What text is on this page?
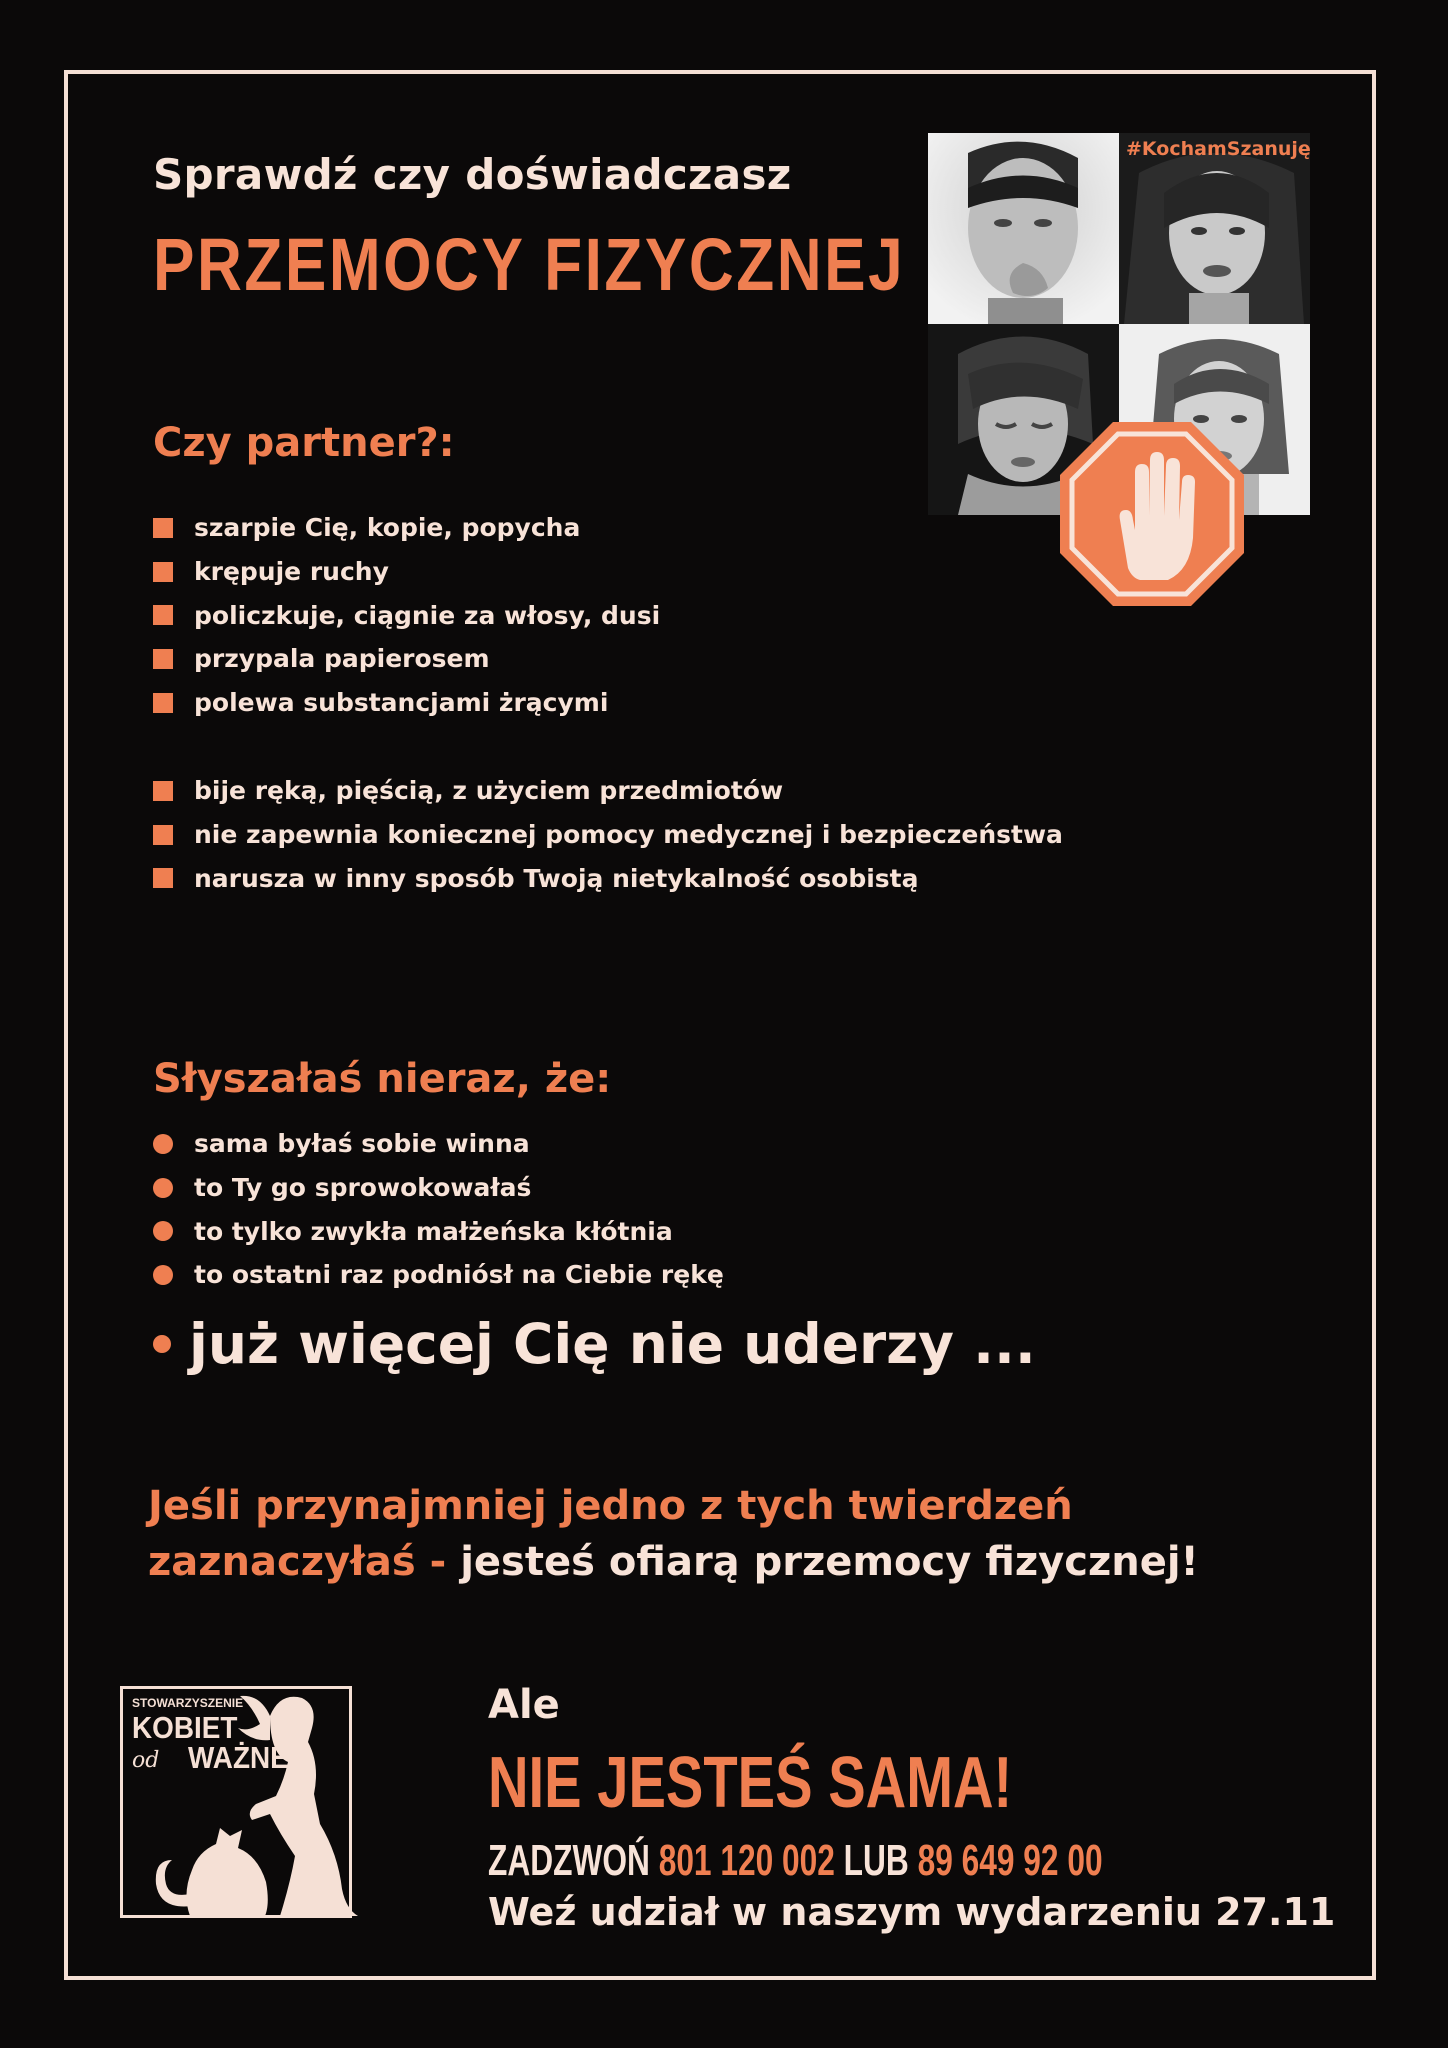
Sprawdź czy doświadczasz
PRZEMOCY FIZYCZNEJ
#KochamSzanuję
Czy partner?:
szarpie Cię, kopie, popycha
krępuje ruchy
policzkuje, ciągnie za włosy, dusi
przypala papierosem
polewa substancjami żrącymi
bije ręką, pięścią, z użyciem przedmiotów
nie zapewnia koniecznej pomocy medycznej i bezpieczeństwa
narusza w inny sposób Twoją nietykalność osobistą
Słyszałaś nieraz, że:
sama byłaś sobie winna
to Ty go sprowokowałaś
to tylko zwykła małżeńska kłótnia
to ostatni raz podniósł na Ciebie rękę
już więcej Cię nie uderzy ...
Jeśli przynajmniej jedno z tych twierdzeń
zaznaczyłaś - jesteś ofiarą przemocy fizycznej!
STOWARZYSZENIE
KOBIET
od WAŻNE
Ale
NIE JESTEŚ SAMA!
ZADZWOŃ 801 120 002 LUB 89 649 92 00
Weź udział w naszym wydarzeniu 27.11
